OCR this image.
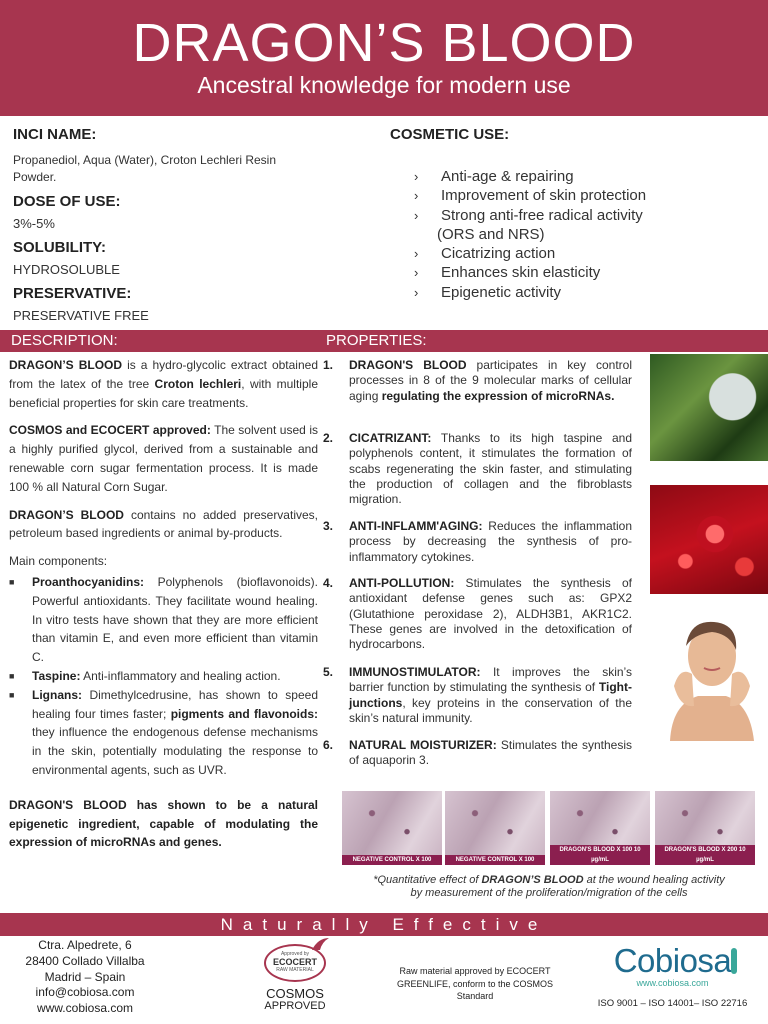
DRAGON’S BLOOD
Ancestral knowledge for modern use
INCI NAME:
Propanediol, Aqua (Water), Croton Lechleri Resin Powder.
DOSE OF USE:
3%-5%
SOLUBILITY:
HYDROSOLUBLE
PRESERVATIVE:
PRESERVATIVE FREE
COSMETIC USE:
› Anti-age & repairing
› Improvement of skin protection
› Strong anti-free radical activity
(ORS and NRS)
› Cicatrizing action
› Enhances skin elasticity
› Epigenetic activity
DESCRIPTION:	PROPERTIES:

DRAGON’S BLOOD is a hydro-glycolic extract obtained from the latex of the tree Croton lechleri, with multiple beneficial properties for skin care treatments.

COSMOS and ECOCERT approved: The solvent used is a highly purified glycol, derived from a sustainable and renewable corn sugar fermentation process. It is made 100 % all Natural Corn Sugar.

DRAGON’S BLOOD contains no added preservatives, petroleum based ingredients or animal by-products.

Main components:

■ Proanthocyanidins: Polyphenols (bioflavonoids). Powerful antioxidants. They facilitate wound healing. In vitro tests have shown that they are more efficient than vitamin E, and even more efficient than vitamin C.
■ Taspine: Anti-inflammatory and healing action.
■ Lignans: Dimethylcedrusine, has shown to speed healing four times faster; pigments and flavonoids: they influence the endogenous defense mechanisms in the skin, potentially modulating the response to environmental agents, such as UVR.

DRAGON'S BLOOD has shown to be a natural epigenetic ingredient, capable of modulating the expression of microRNAs and genes.

1. DRAGON'S BLOOD participates in key control processes in 8 of the 9 molecular marks of cellular aging regulating the expression of microRNAs.
2. CICATRIZANT: Thanks to its high taspine and polyphenols content, it stimulates the formation of scabs regenerating the skin faster, and stimulating the production of collagen and the fibroblasts migration.
3. ANTI-INFLAMM'AGING: Reduces the inflammation process by decreasing the synthesis of pro-inflammatory cytokines.
4. ANTI-POLLUTION: Stimulates the synthesis of antioxidant defense genes such as: GPX2 (Glutathione peroxidase 2), ALDH3B1, AKR1C2. These genes are involved in the detoxification of hydrocarbons.
5. IMMUNOSTIMULATOR: It improves the skin’s barrier function by stimulating the synthesis of Tight-junctions, key proteins in the conservation of the skin’s natural immunity.
6. NATURAL MOISTURIZER: Stimulates the synthesis of aquaporin 3.
NEGATIVE CONTROL X 100	NEGATIVE CONTROL X 100
DRAGON'S BLOOD X 100 10 µg/mL
DRAGON'S BLOOD X 200 10 µg/mL
*Quantitative effect of DRAGON’S BLOOD at the wound healing activity
by measurement of the proliferation/migration of the cells
Naturally Effective
Ctra. Alpedrete, 6
28400 Collado Villalba
Madrid – Spain
info@cobiosa.com
www.cobiosa.com
Approved by
ECOCERT
RAW MATERIAL
COSMOS
APPROVED
Raw material approved by ECOCERT GREENLIFE, conform to the COSMOS Standard
Cobiosa
www.cobiosa.com
ISO 9001 – ISO 14001– ISO 22716
